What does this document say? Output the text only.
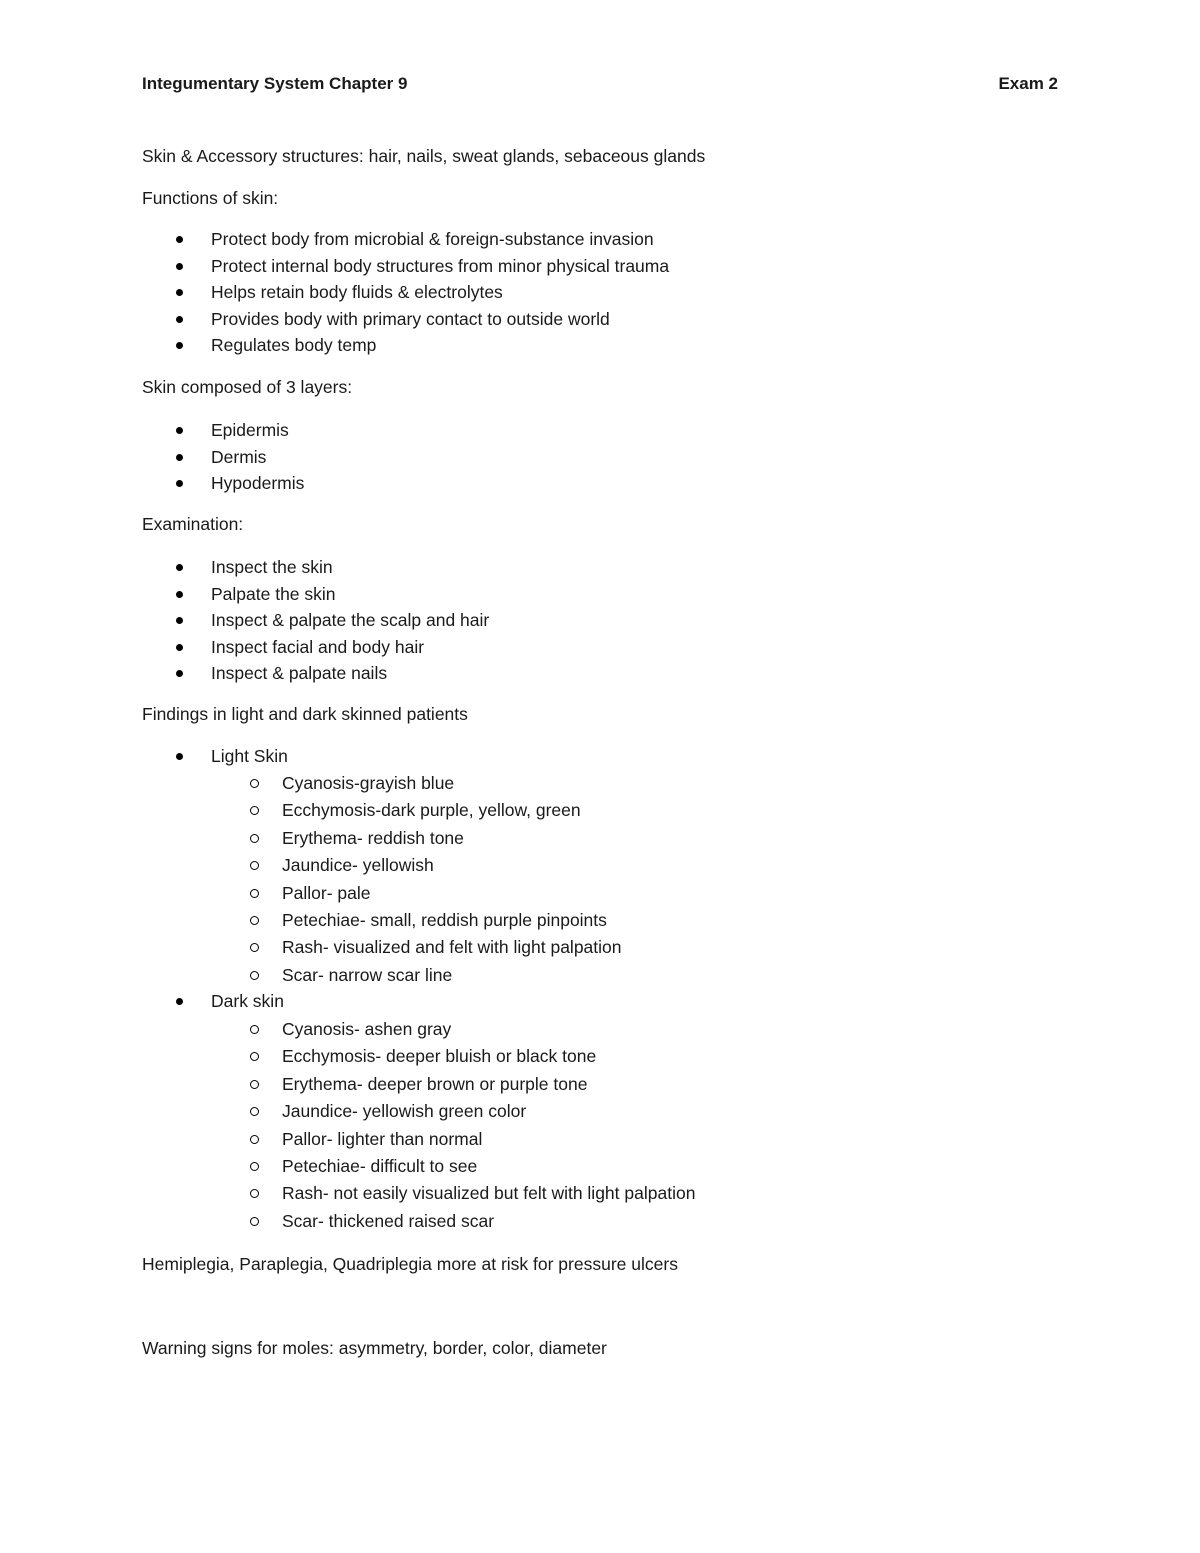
Integumentary System Chapter 9	Exam 2
Skin & Accessory structures: hair, nails, sweat glands, sebaceous glands
Functions of skin:
Protect body from microbial & foreign-substance invasion
Protect internal body structures from minor physical trauma
Helps retain body fluids & electrolytes
Provides body with primary contact to outside world
Regulates body temp
Skin composed of 3 layers:
Epidermis
Dermis
Hypodermis
Examination:
Inspect the skin
Palpate the skin
Inspect & palpate the scalp and hair
Inspect facial and body hair
Inspect & palpate nails
Findings in light and dark skinned patients
Light Skin
Cyanosis-grayish blue
Ecchymosis-dark purple, yellow, green
Erythema- reddish tone
Jaundice- yellowish
Pallor- pale
Petechiae- small, reddish purple pinpoints
Rash- visualized and felt with light palpation
Scar- narrow scar line
Dark skin
Cyanosis- ashen gray
Ecchymosis- deeper bluish or black tone
Erythema- deeper brown or purple tone
Jaundice- yellowish green color
Pallor- lighter than normal
Petechiae- difficult to see
Rash- not easily visualized but felt with light palpation
Scar- thickened raised scar
Hemiplegia, Paraplegia, Quadriplegia more at risk for pressure ulcers
Warning signs for moles: asymmetry, border, color, diameter
